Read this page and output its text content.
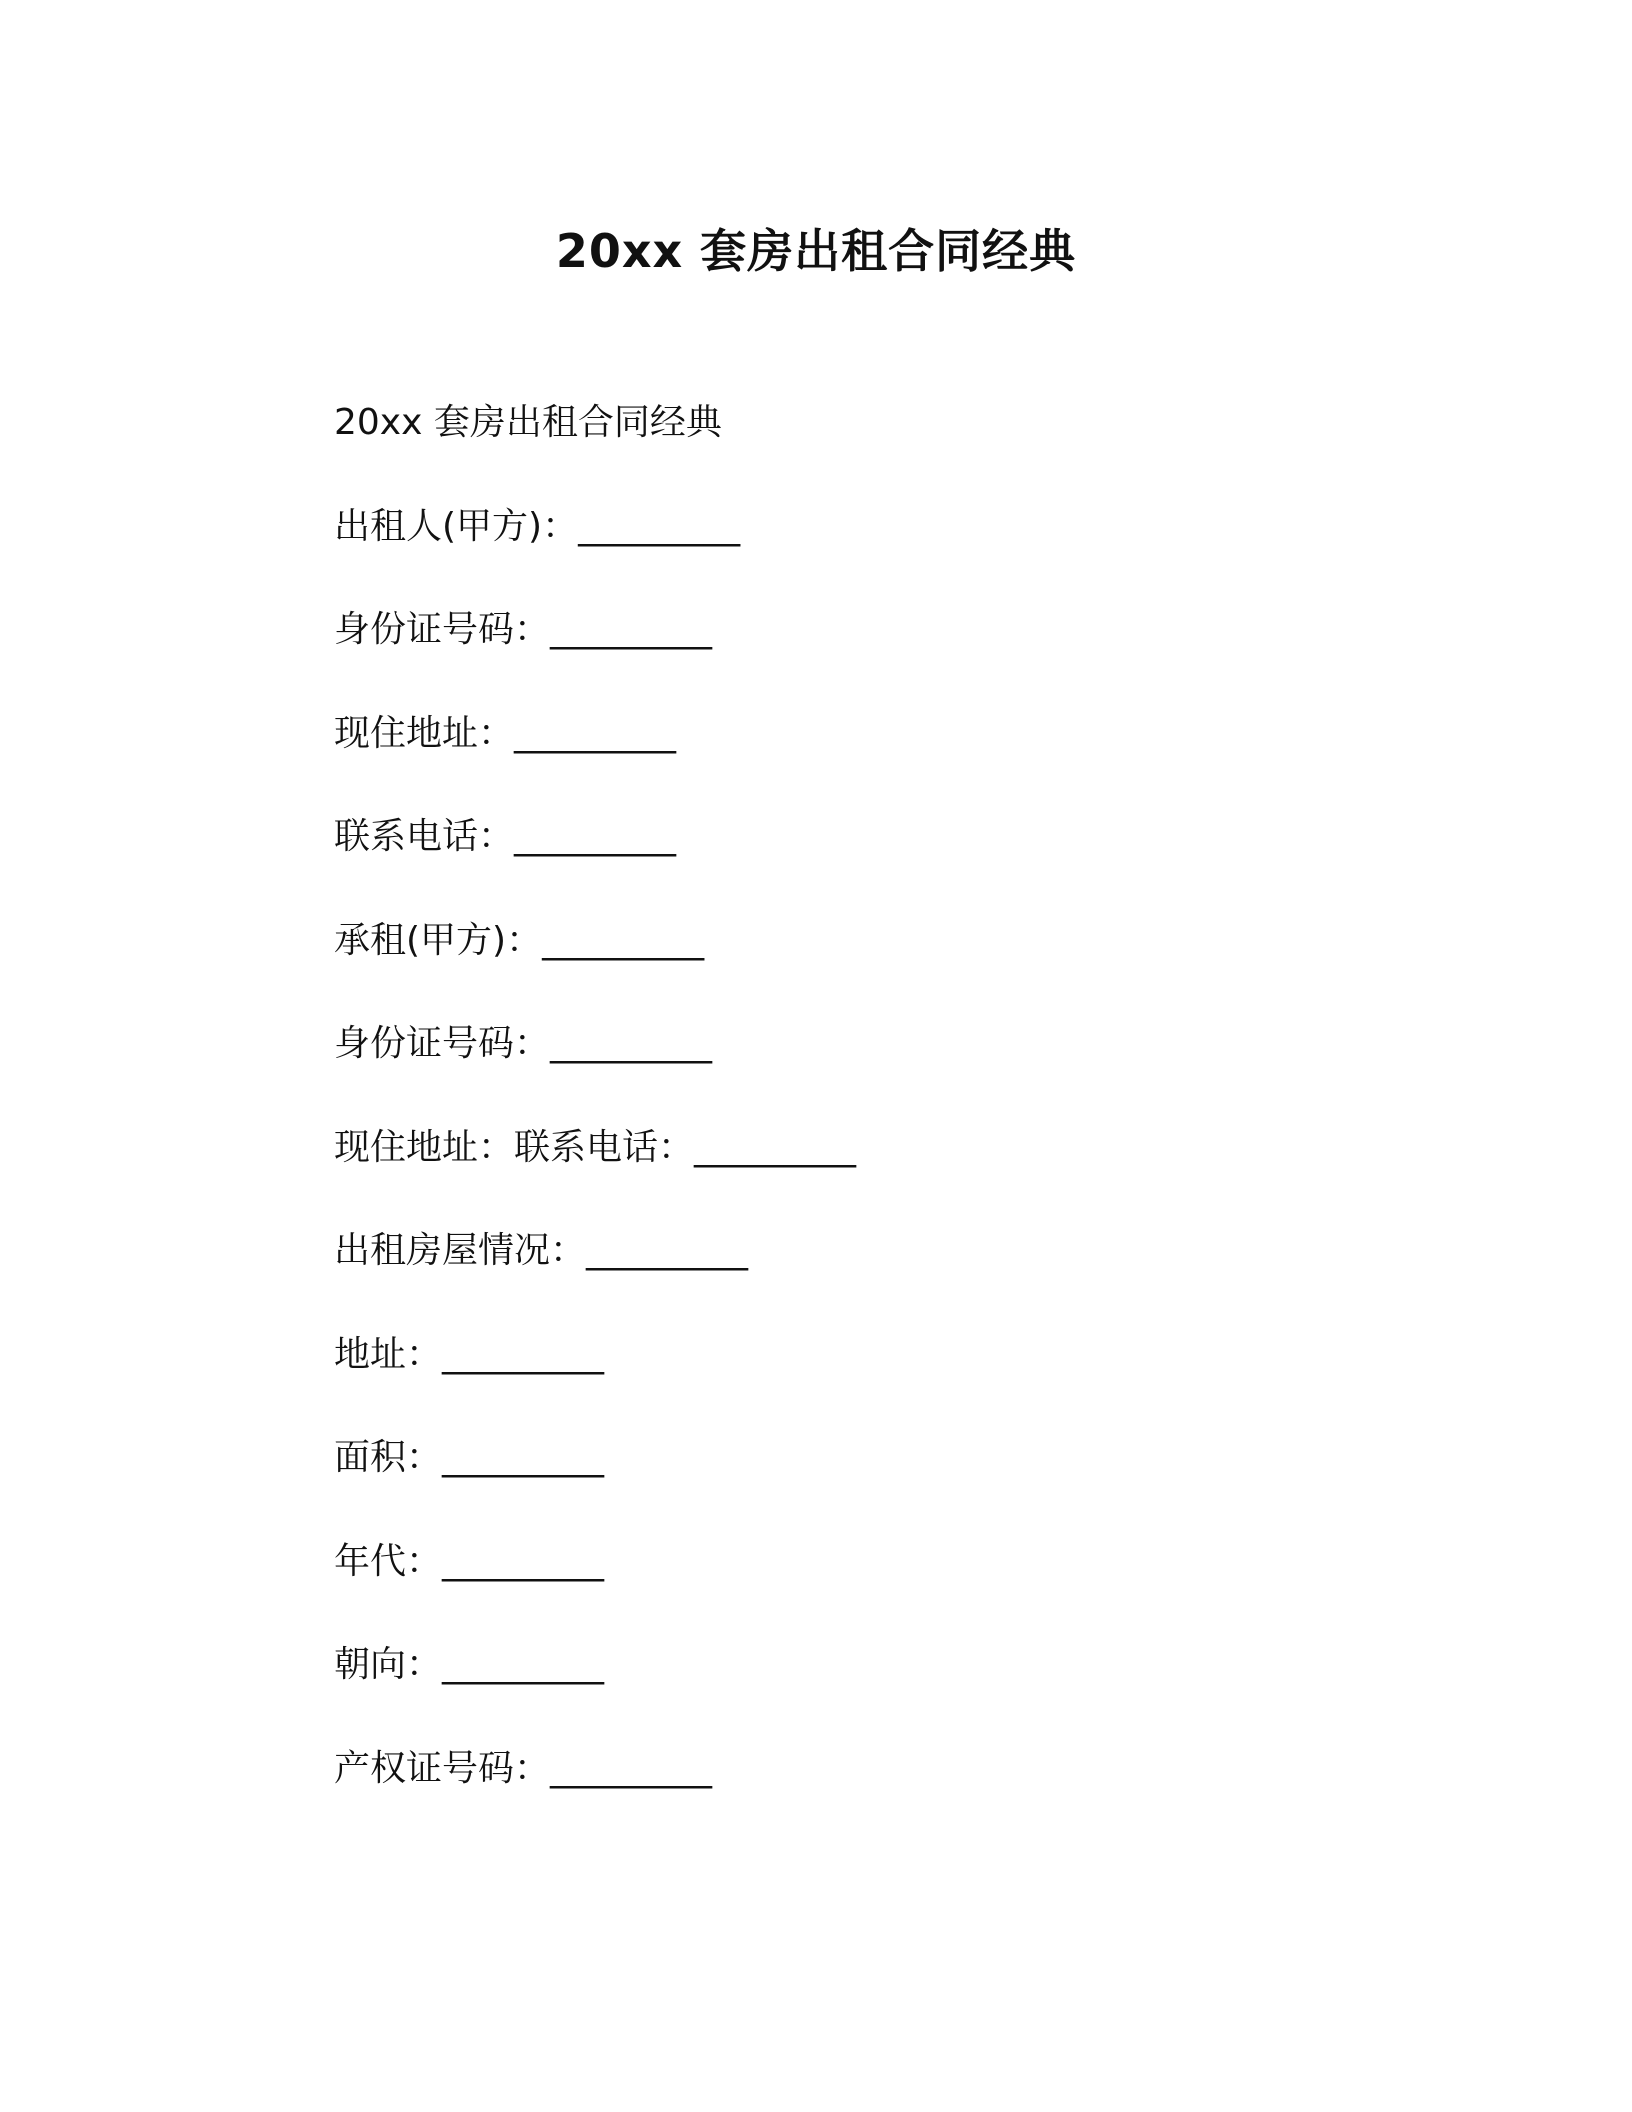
20xx 套房出租合同经典

20xx 套房出租合同经典

出租人(甲方)：_________

身份证号码：_________

现住地址：_________

联系电话：_________

承租(甲方)：_________

身份证号码：_________

现住地址：联系电话：_________

出租房屋情况：_________

地址：_________

面积：_________

年代：_________

朝向：_________

产权证号码：_________
